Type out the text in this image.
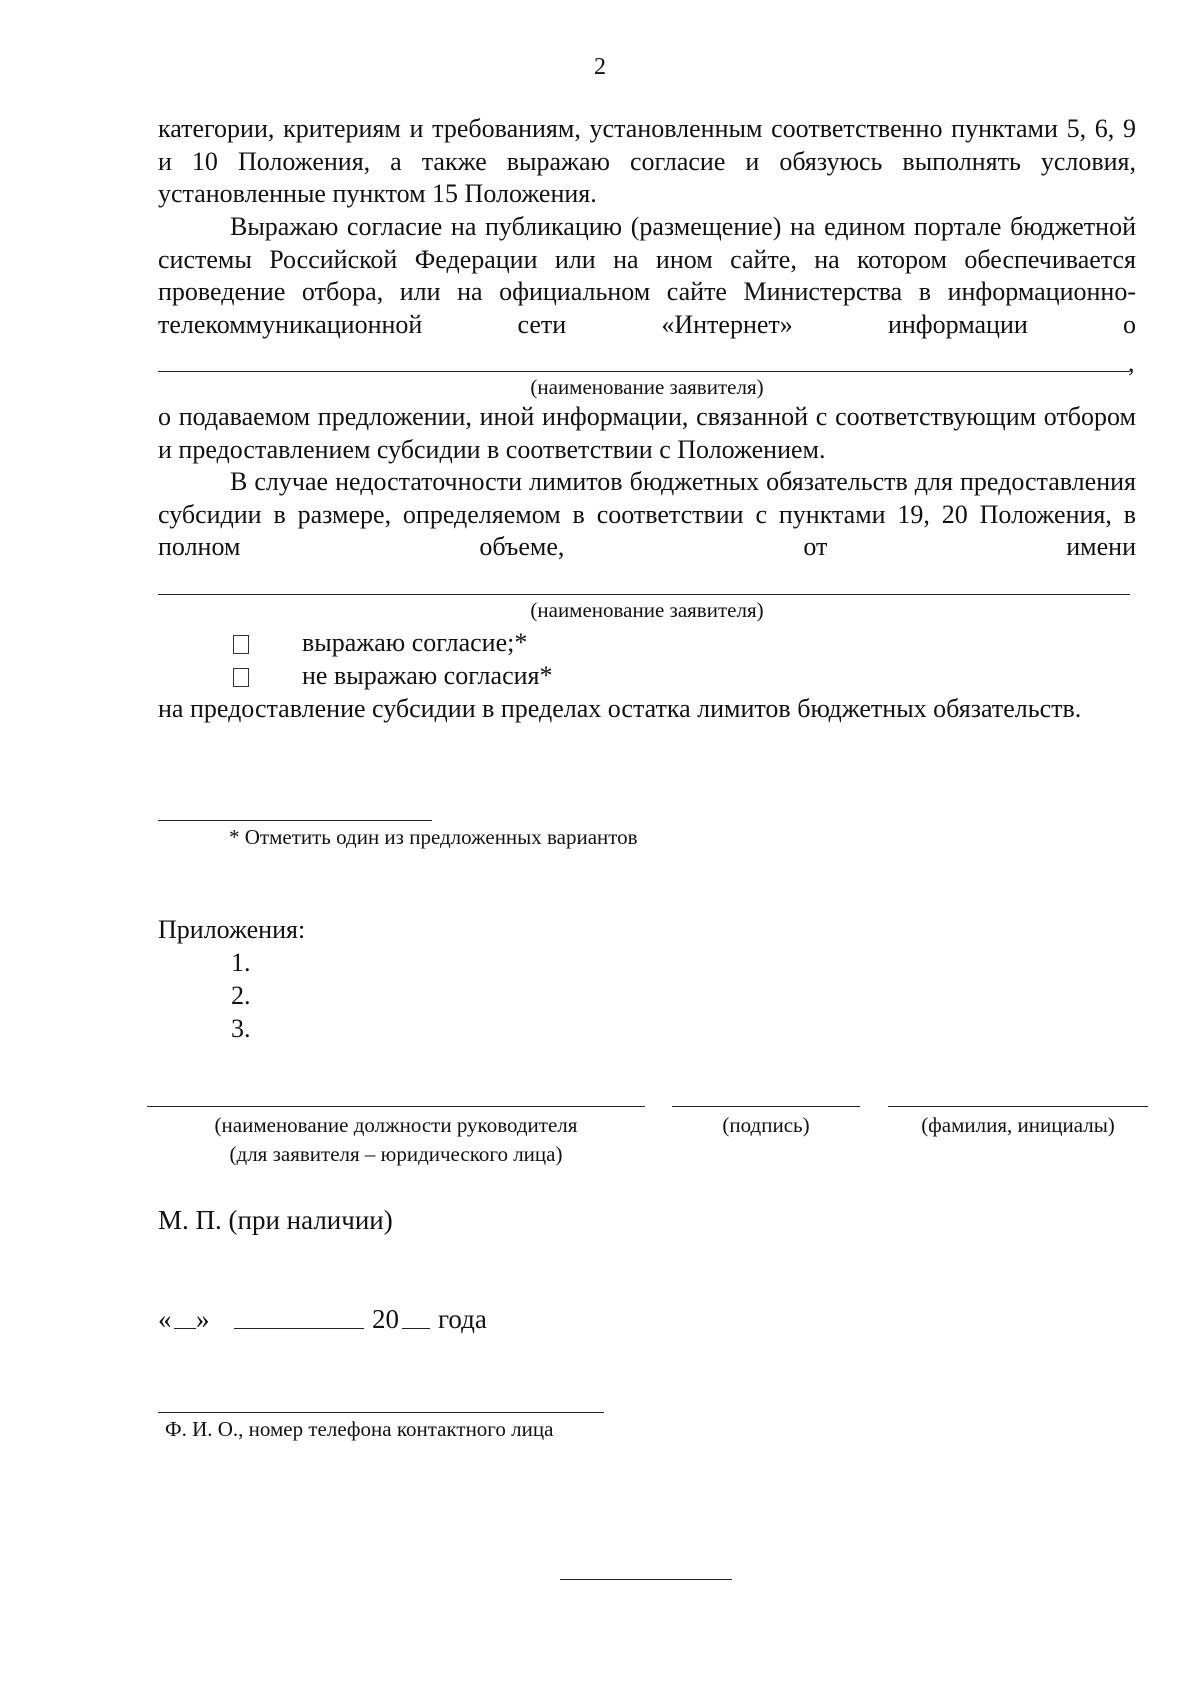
2

категории, критериям и требованиям, установленным соответственно пунктами 5, 6, 9 и 10 Положения, а также выражаю согласие и обязуюсь выполнять условия, установленные пунктом 15 Положения.

Выражаю согласие на публикацию (размещение) на едином портале бюджетной системы Российской Федерации или на ином сайте, на котором обеспечивается проведение отбора, или на официальном сайте Министерства в информационно-телекоммуникационной сети «Интернет» информации о

,
(наименование заявителя)

о подаваемом предложении, иной информации, связанной с соответствующим отбором и предоставлением субсидии в соответствии с Положением.

В случае недостаточности лимитов бюджетных обязательств для предоставления субсидии в размере, определяемом в соответствии с пунктами 19, 20 Положения, в полном объеме, от имени

(наименование заявителя)
выражаю согласие;*
не выражаю согласия*

на предоставление субсидии в пределах остатка лимитов бюджетных обязательств.

* Отметить один из предложенных вариантов
Приложения:
1.
2.
3.
(наименование должности руководителя
(для заявителя – юридического лица)
(подпись)	(фамилия, инициалы)
М. П. (при наличии)
« »	20 года
Ф. И. О., номер телефона контактного лица
